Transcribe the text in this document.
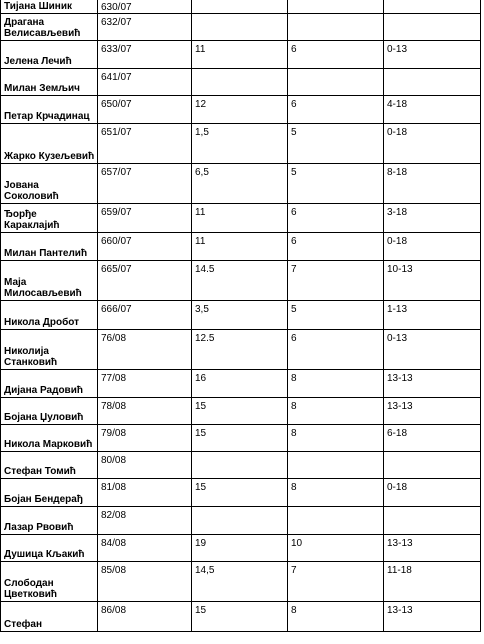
Тијана Шиник	630/07			
Драгана Велисављевић	632/07			
Јелена Лечић	633/07	11	6	0-13
Милан Земљич	641/07			
Петар Крчадинац	650/07	12	6	4-18
Жарко Кузељевић	651/07	1,5	5	0-18
Јована Соколовић	657/07	6,5	5	8-18
Ђорђе Караклајић	659/07	11	6	3-18
Милан Пантелић	660/07	11	6	0-18
Маја Милосављевић	665/07	14.5	7	10-13
Никола Дробот	666/07	3,5	5	1-13
Николија Станковић	76/08	12.5	6	0-13
Дијана Радовић	77/08	16	8	13-13
Бојана Џуловић	78/08	15	8	13-13
Никола Марковић	79/08	15	8	6-18
Стефан Томић	80/08			
Бојан Бендерађ	81/08	15	8	0-18
Лазар Рвовић	82/08			
Душица Кљакић	84/08	19	10	13-13
Слободан Цветковић	85/08	14,5	7	11-18
Стефан	86/08	15	8	13-13
